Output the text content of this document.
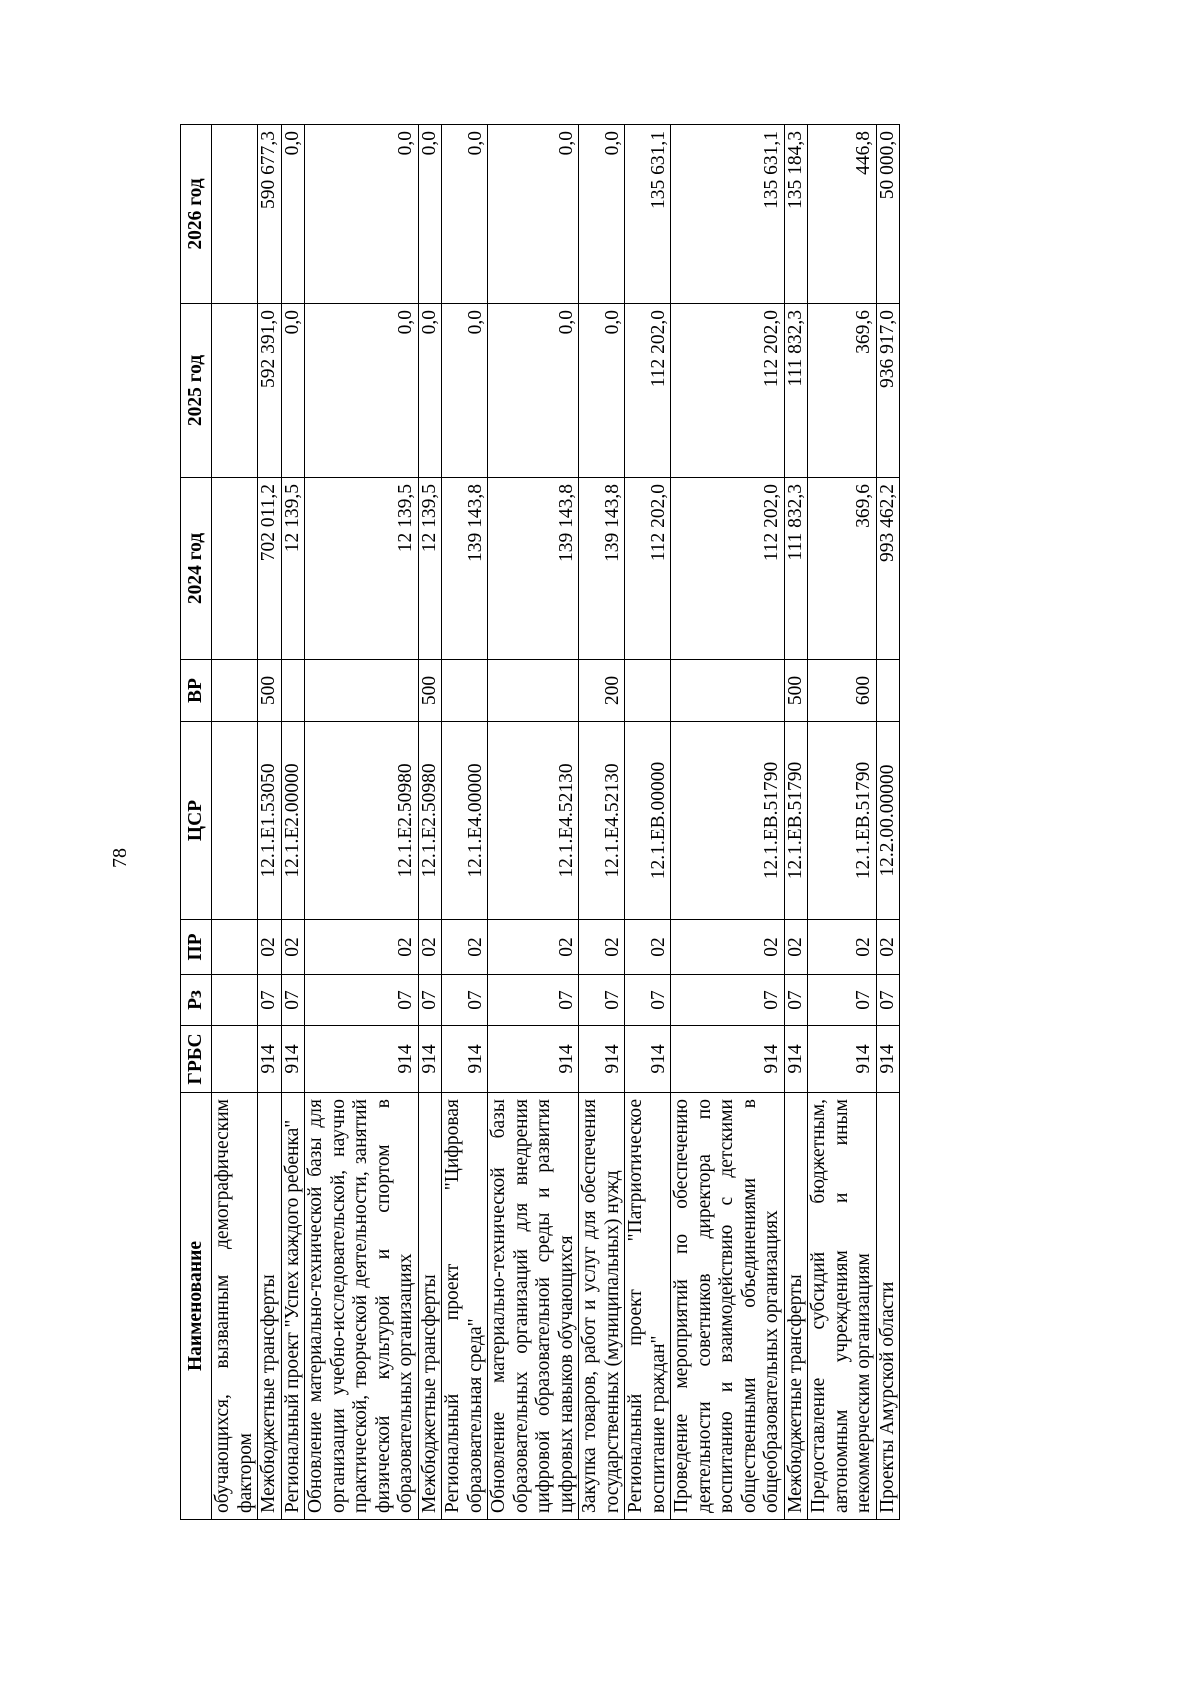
78
Наименование	ГРБС	Рз	ПР	ЦСР	ВР	2024 год	2025 год	2026 год
обучающихся, вызванным демографическим фактором								
Межбюджетные трансферты	914	07	02	12.1.E1.53050	500	702 011,2	592 391,0	590 677,3
Региональный проект "Успех каждого ребенка"	914	07	02	12.1.E2.00000		12 139,5	0,0	0,0
Обновление материально-технической базы для организации учебно-исследовательской, научно практической, творческой деятельности, занятий физической культурой и спортом в образовательных организациях	914	07	02	12.1.E2.50980		12 139,5	0,0	0,0
Межбюджетные трансферты	914	07	02	12.1.E2.50980	500	12 139,5	0,0	0,0
Региональный проект "Цифровая образовательная среда"	914	07	02	12.1.E4.00000		139 143,8	0,0	0,0
Обновление материально-технической базы образовательных организаций для внедрения цифровой образовательной среды и развития цифровых навыков обучающихся	914	07	02	12.1.E4.52130		139 143,8	0,0	0,0
Закупка товаров, работ и услуг для обеспечения государственных (муниципальных) нужд	914	07	02	12.1.E4.52130	200	139 143,8	0,0	0,0
Региональный проект "Патриотическое воспитание граждан"	914	07	02	12.1.EB.00000		112 202,0	112 202,0	135 631,1
Проведение мероприятий по обеспечению деятельности советников директора по воспитанию и взаимодействию с детскими общественными объединениями в общеобразовательных организациях	914	07	02	12.1.EB.51790		112 202,0	112 202,0	135 631,1
Межбюджетные трансферты	914	07	02	12.1.EB.51790	500	111 832,3	111 832,3	135 184,3
Предоставление субсидий бюджетным, автономным учреждениям и иным некоммерческим организациям	914	07	02	12.1.EB.51790	600	369,6	369,6	446,8
Проекты Амурской области	914	07	02	12.2.00.00000		993 462,2	936 917,0	50 000,0
